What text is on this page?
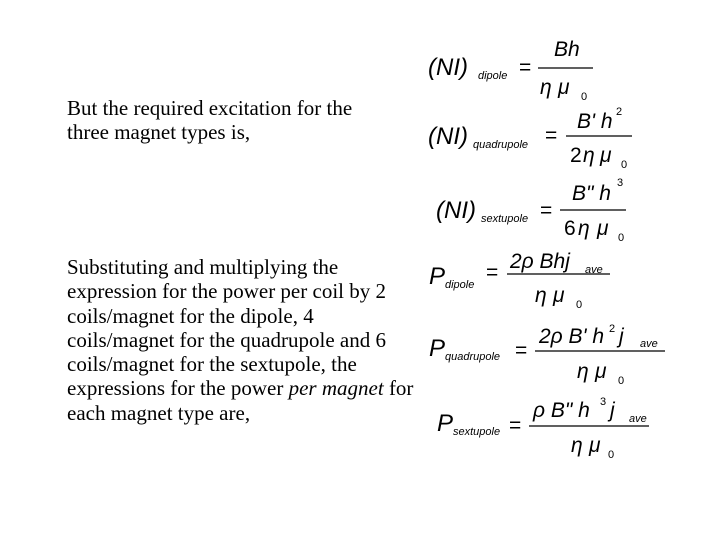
But the required excitation for the three magnet types is,
Substituting and multiplying the expression for the power per coil by 2 coils/magnet for the dipole, 4 coils/magnet for the quadrupole and 6 coils/magnet for the sextupole, the expressions for the power per magnet for each magnet type are,
(NI) dipole =
Bh
η μ 0
(NI) quadrupole =
B' h 2
2 η μ 0
(NI) sextupole =
B" h 3
6 η μ 0
P dipole
= 2ρ Bhj ave
η μ 0
P quadrupole =
2ρ B' h 2 j ave
η μ 0
P sextupole =
ρ B" h 3 j ave
η μ 0
